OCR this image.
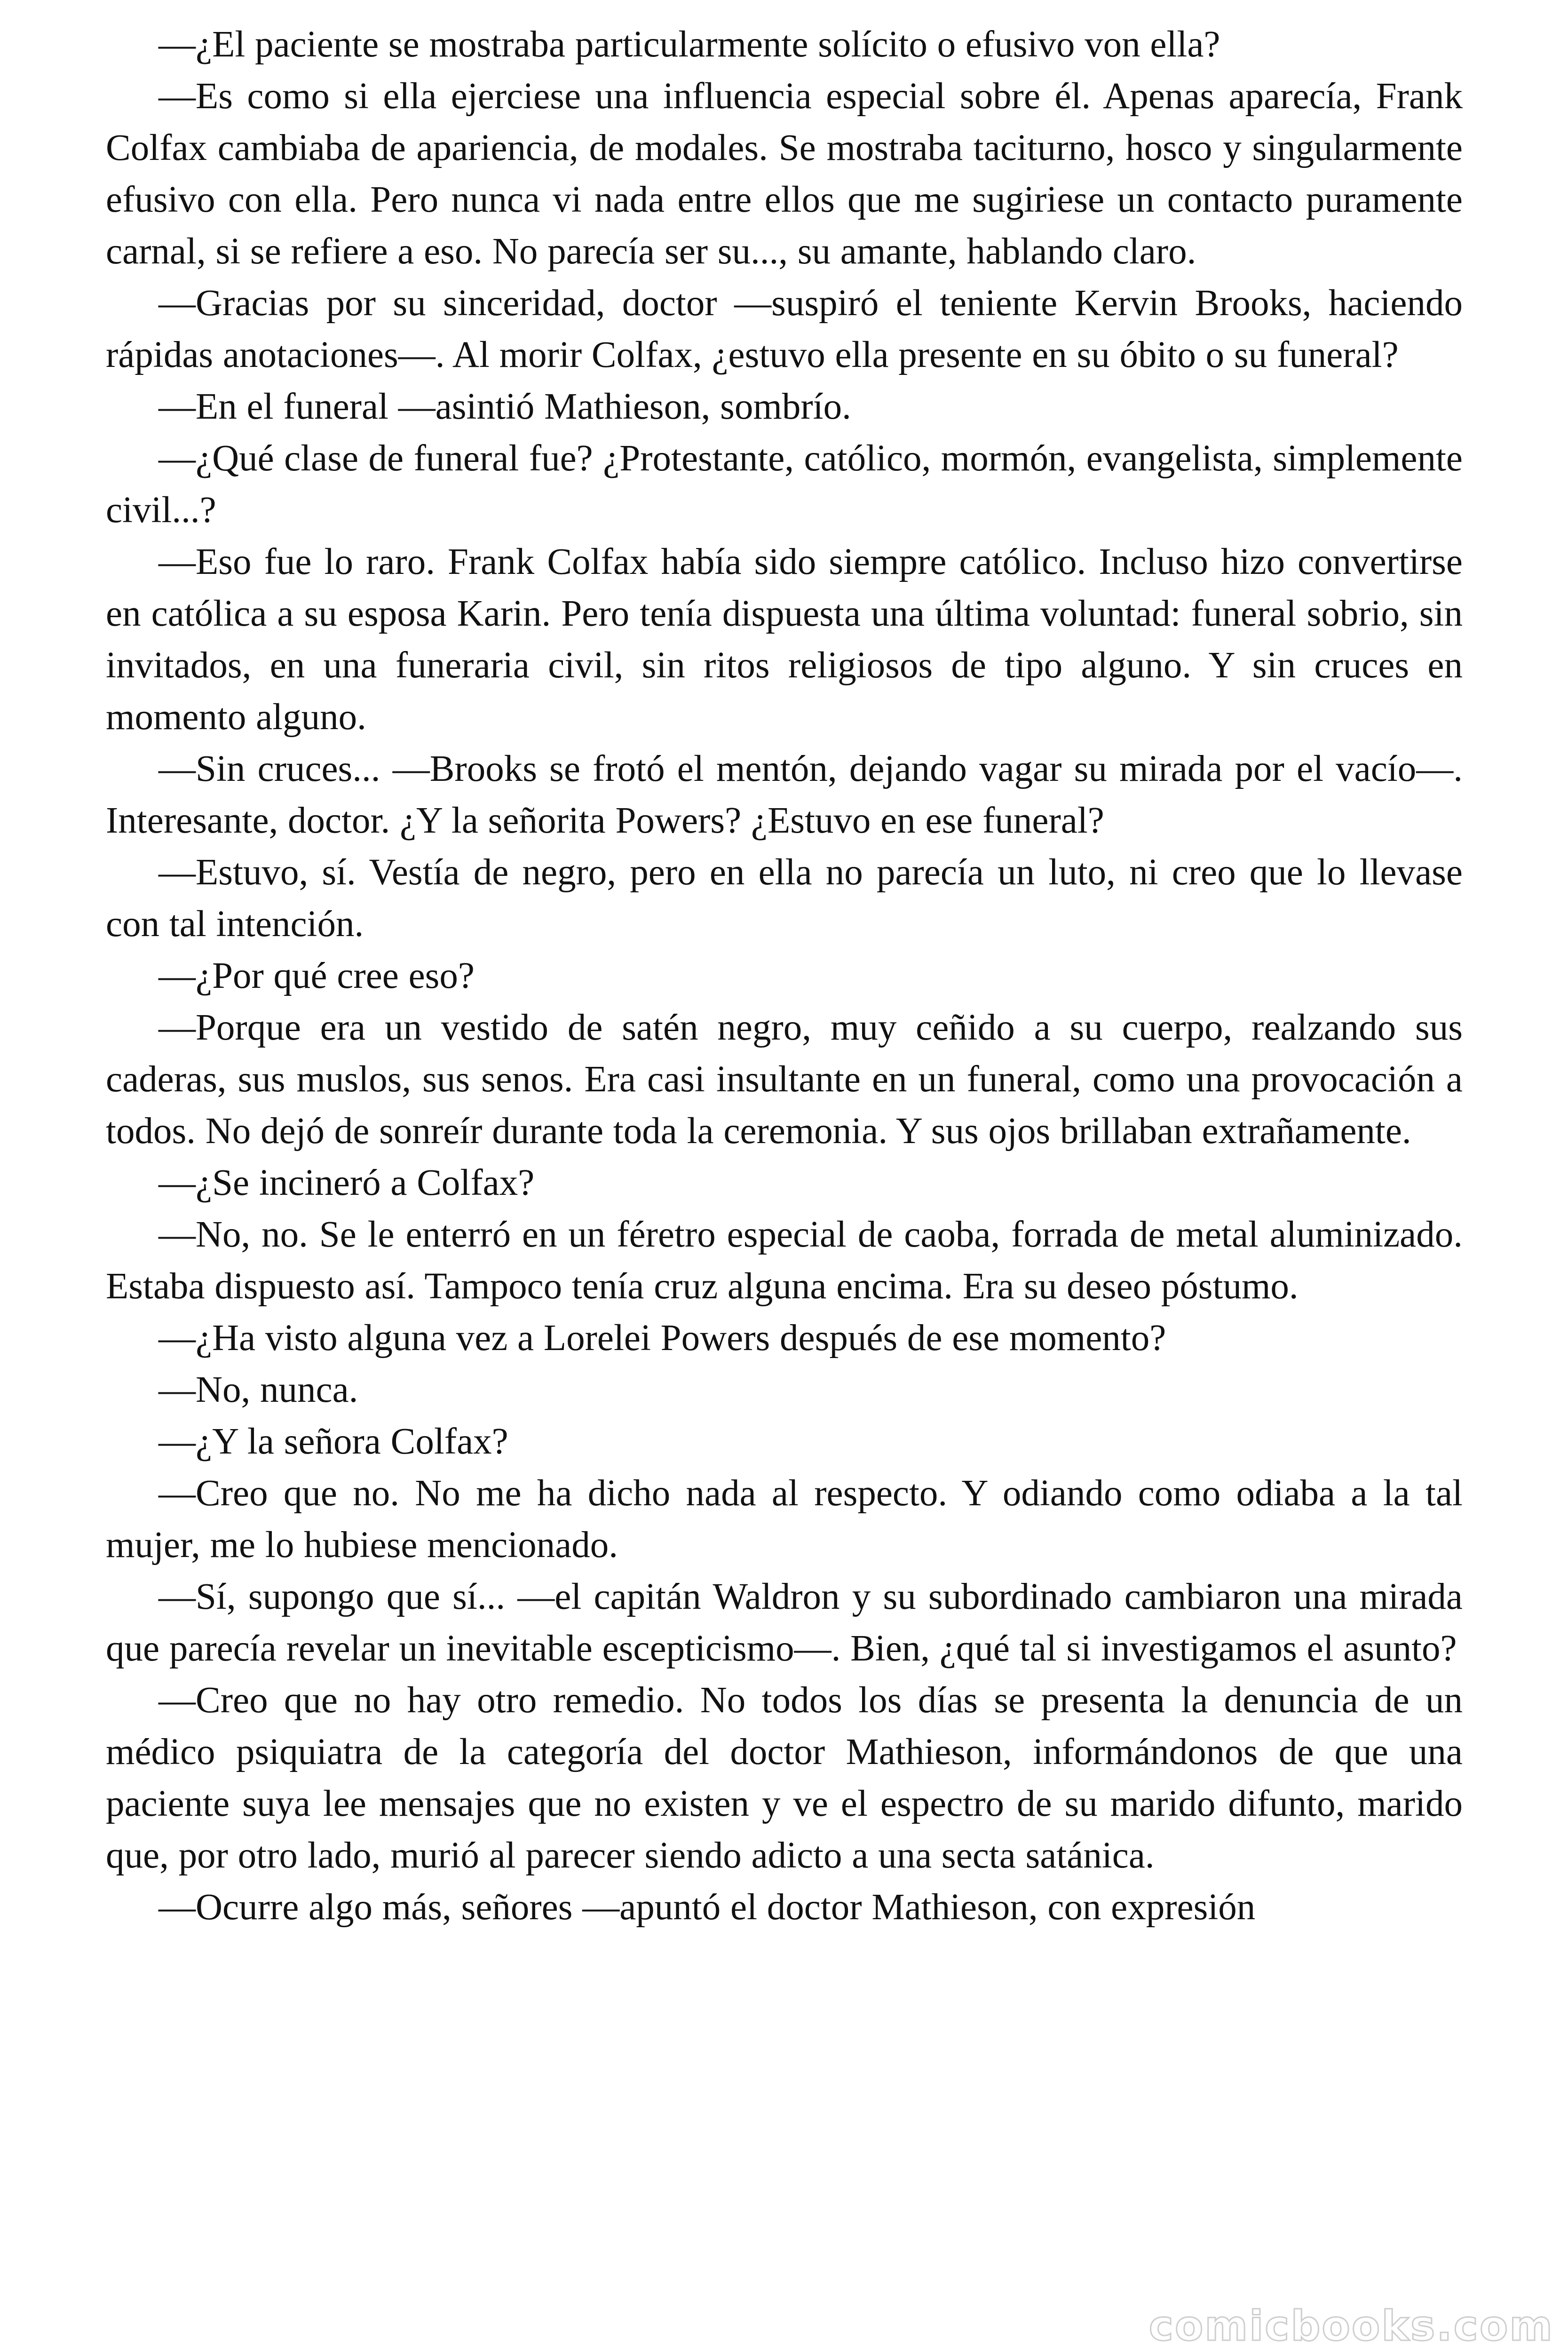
—¿El paciente se mostraba particularmente solícito o efusivo von ella?

—Es como si ella ejerciese una influencia especial sobre él. Apenas aparecía, Frank Colfax cambiaba de apariencia, de modales. Se mostraba taciturno, hosco y singularmente efusivo con ella. Pero nunca vi nada entre ellos que me sugiriese un contacto puramente carnal, si se refiere a eso. No parecía ser su..., su amante, hablando claro.

—Gracias por su sinceridad, doctor —suspiró el teniente Kervin Brooks, haciendo rápidas anotaciones—. Al morir Colfax, ¿estuvo ella presente en su óbito o su funeral?

—En el funeral —asintió Mathieson, sombrío.

—¿Qué clase de funeral fue? ¿Protestante, católico, mormón, evangelista, simplemente civil...?

—Eso fue lo raro. Frank Colfax había sido siempre católico. Incluso hizo convertirse en católica a su esposa Karin. Pero tenía dispuesta una última voluntad: funeral sobrio, sin invitados, en una funeraria civil, sin ritos religiosos de tipo alguno. Y sin cruces en momento alguno.

—Sin cruces... —Brooks se frotó el mentón, dejando vagar su mirada por el vacío—. Interesante, doctor. ¿Y la señorita Powers? ¿Estuvo en ese funeral?

—Estuvo, sí. Vestía de negro, pero en ella no parecía un luto, ni creo que lo llevase con tal intención.

—¿Por qué cree eso?

—Porque era un vestido de satén negro, muy ceñido a su cuerpo, realzando sus caderas, sus muslos, sus senos. Era casi insultante en un funeral, como una provocación a todos. No dejó de sonreír durante toda la ceremonia. Y sus ojos brillaban extrañamente.

—¿Se incineró a Colfax?

—No, no. Se le enterró en un féretro especial de caoba, forrada de metal aluminizado. Estaba dispuesto así. Tampoco tenía cruz alguna encima. Era su deseo póstumo.

—¿Ha visto alguna vez a Lorelei Powers después de ese momento?

—No, nunca.

—¿Y la señora Colfax?

—Creo que no. No me ha dicho nada al respecto. Y odiando como odiaba a la tal mujer, me lo hubiese mencionado.

—Sí, supongo que sí... —el capitán Waldron y su subordinado cambiaron una mirada que parecía revelar un inevitable escepticismo—. Bien, ¿qué tal si investigamos el asunto?

—Creo que no hay otro remedio. No todos los días se presenta la denuncia de un médico psiquiatra de la categoría del doctor Mathieson, informándonos de que una paciente suya lee mensajes que no existen y ve el espectro de su marido difunto, marido que, por otro lado, murió al parecer siendo adicto a una secta satánica.

—Ocurre algo más, señores —apuntó el doctor Mathieson, con expresión

comicbooks.com
